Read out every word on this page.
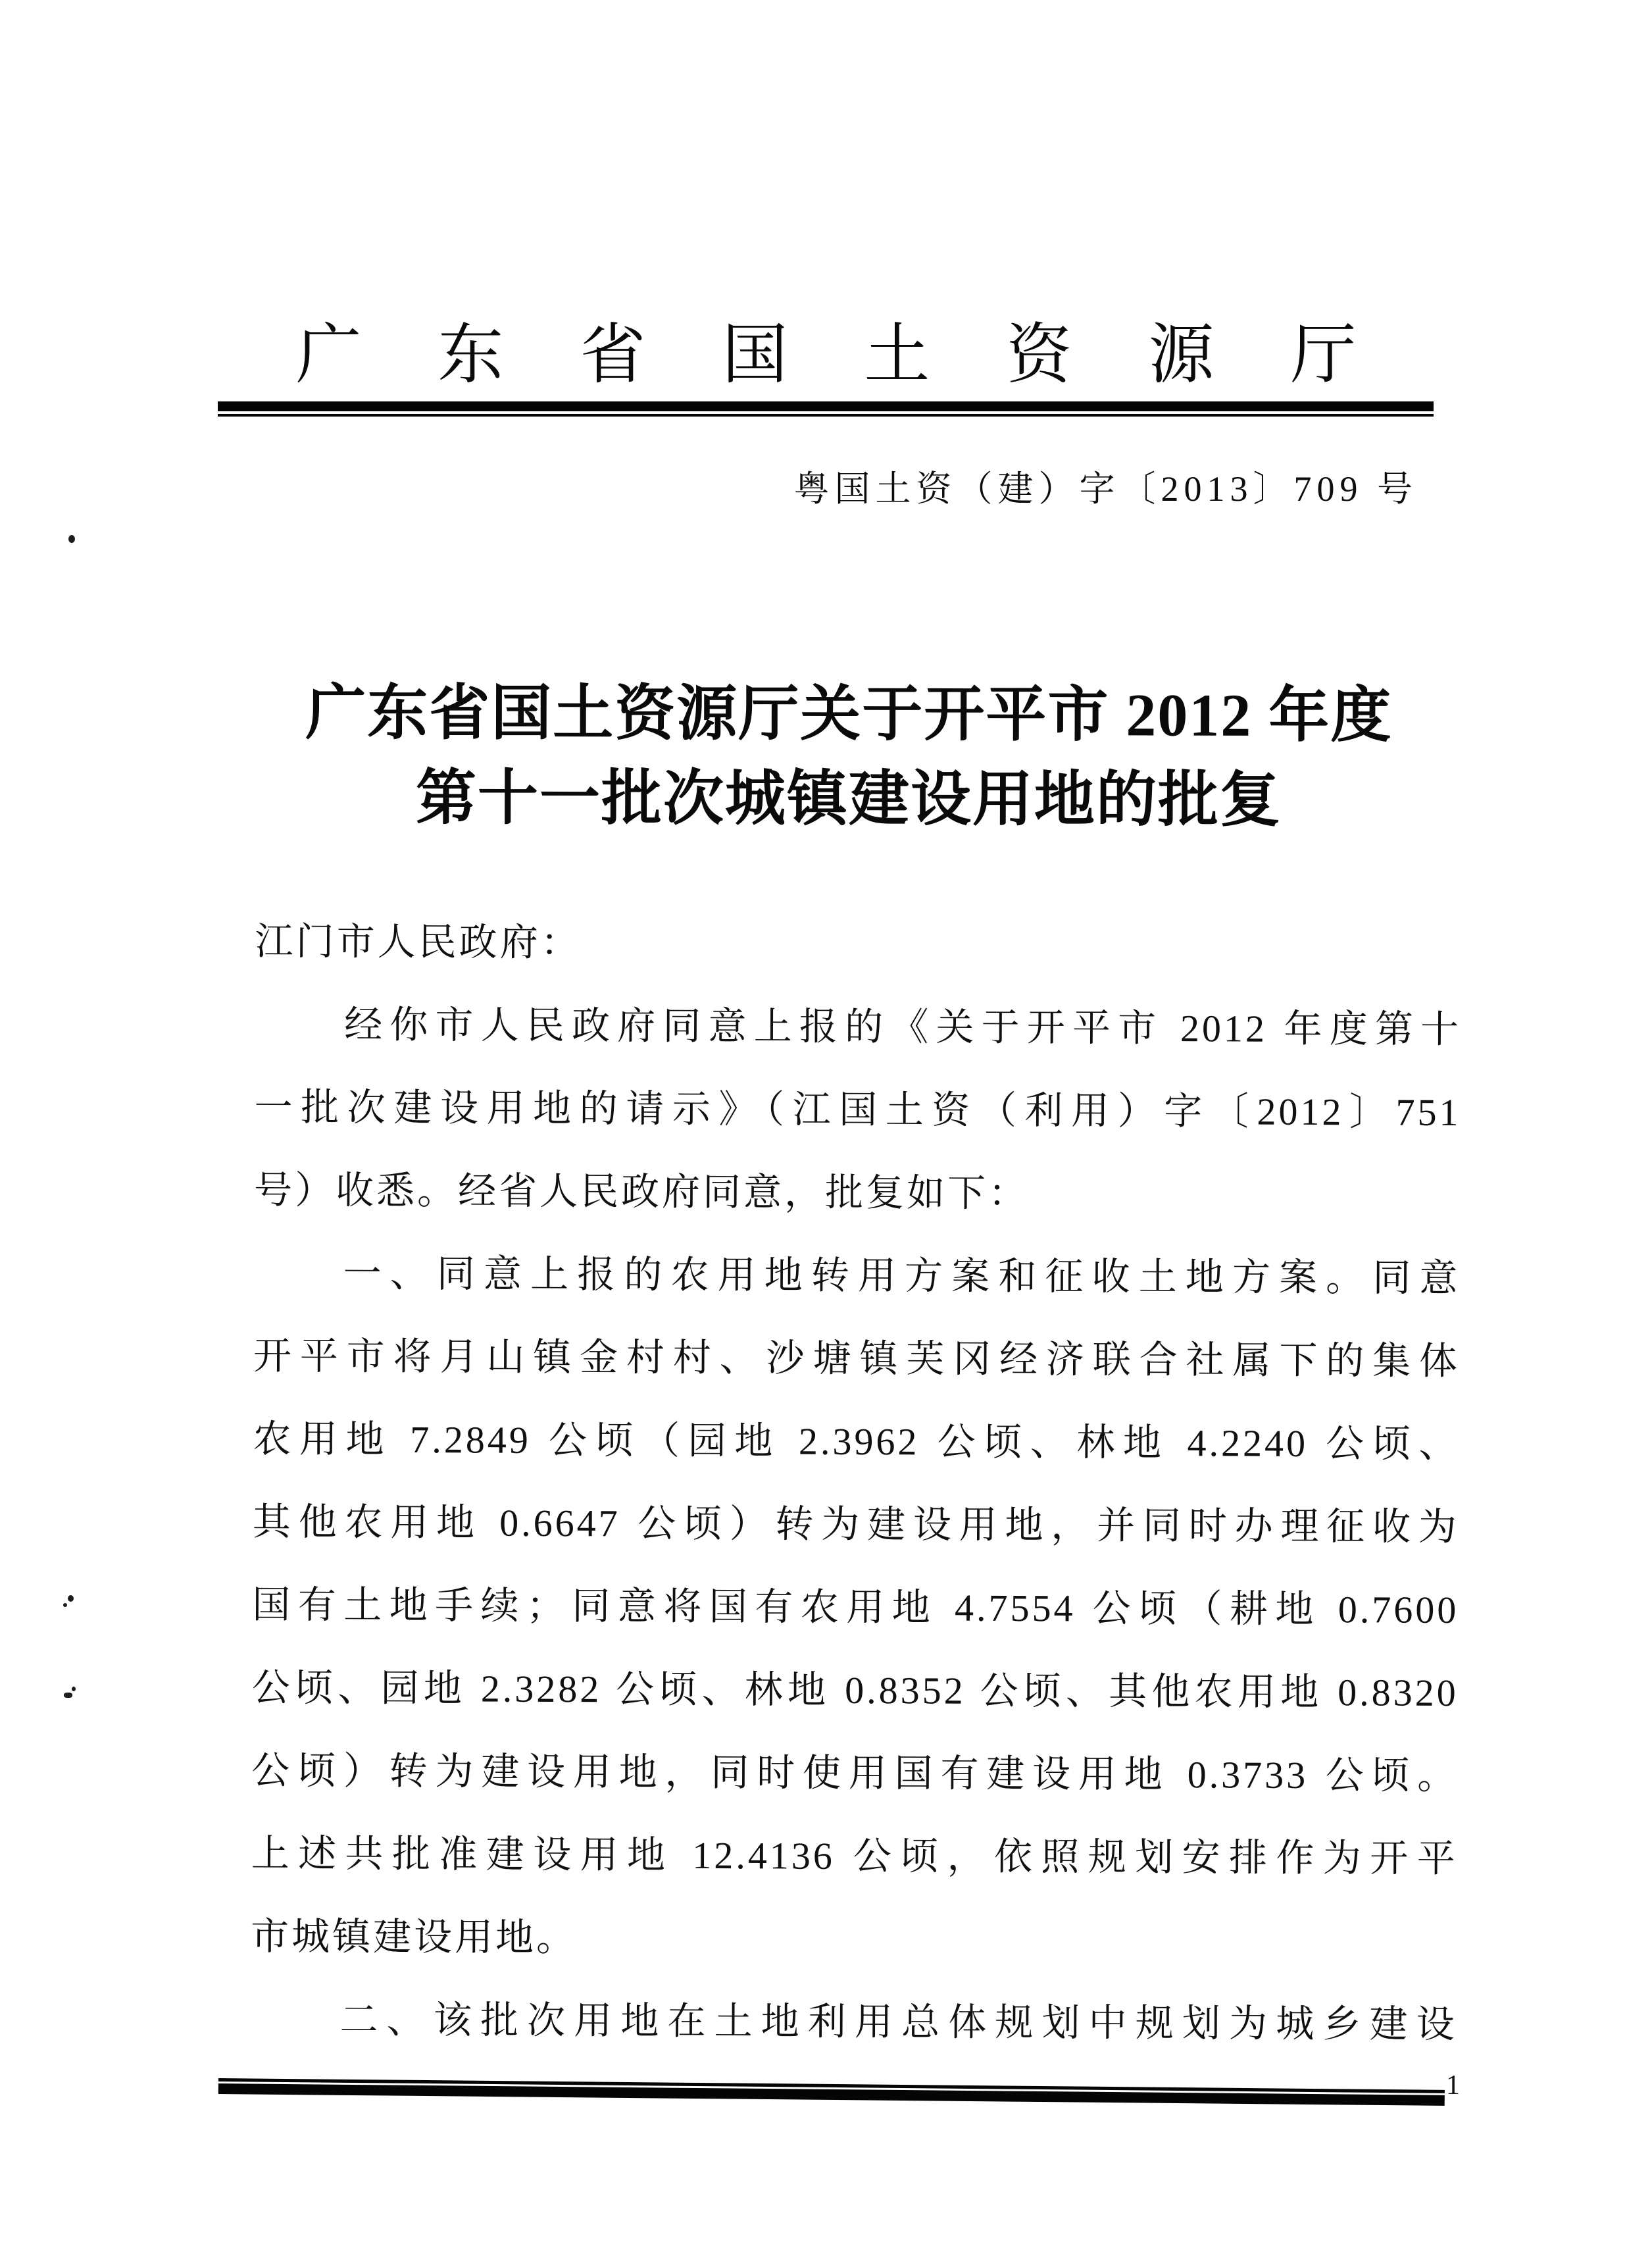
广东省国土资源厅
粤国土资（建）字〔2013〕709 号
广东省国土资源厅关于开平市 2012 年度
第十一批次城镇建设用地的批复
江门市人民政府：
经你市人民政府同意上报的《关于开平市 2012 年度第十
一批次建设用地的请示》（江国土资（利用）字〔2012〕751
号）收悉。经省人民政府同意，批复如下：
一、同意上报的农用地转用方案和征收土地方案。同意
开平市将月山镇金村村、沙塘镇芙冈经济联合社属下的集体
农用地 7.2849 公顷（园地 2.3962 公顷、林地 4.2240 公顷、
其他农用地 0.6647 公顷）转为建设用地，并同时办理征收为
国有土地手续；同意将国有农用地 4.7554 公顷（耕地 0.7600
公顷、园地 2.3282 公顷、林地 0.8352 公顷、其他农用地 0.8320
公顷）转为建设用地，同时使用国有建设用地 0.3733 公顷。
上述共批准建设用地 12.4136 公顷，依照规划安排作为开平
市城镇建设用地。
二、该批次用地在土地利用总体规划中规划为城乡建设
1
